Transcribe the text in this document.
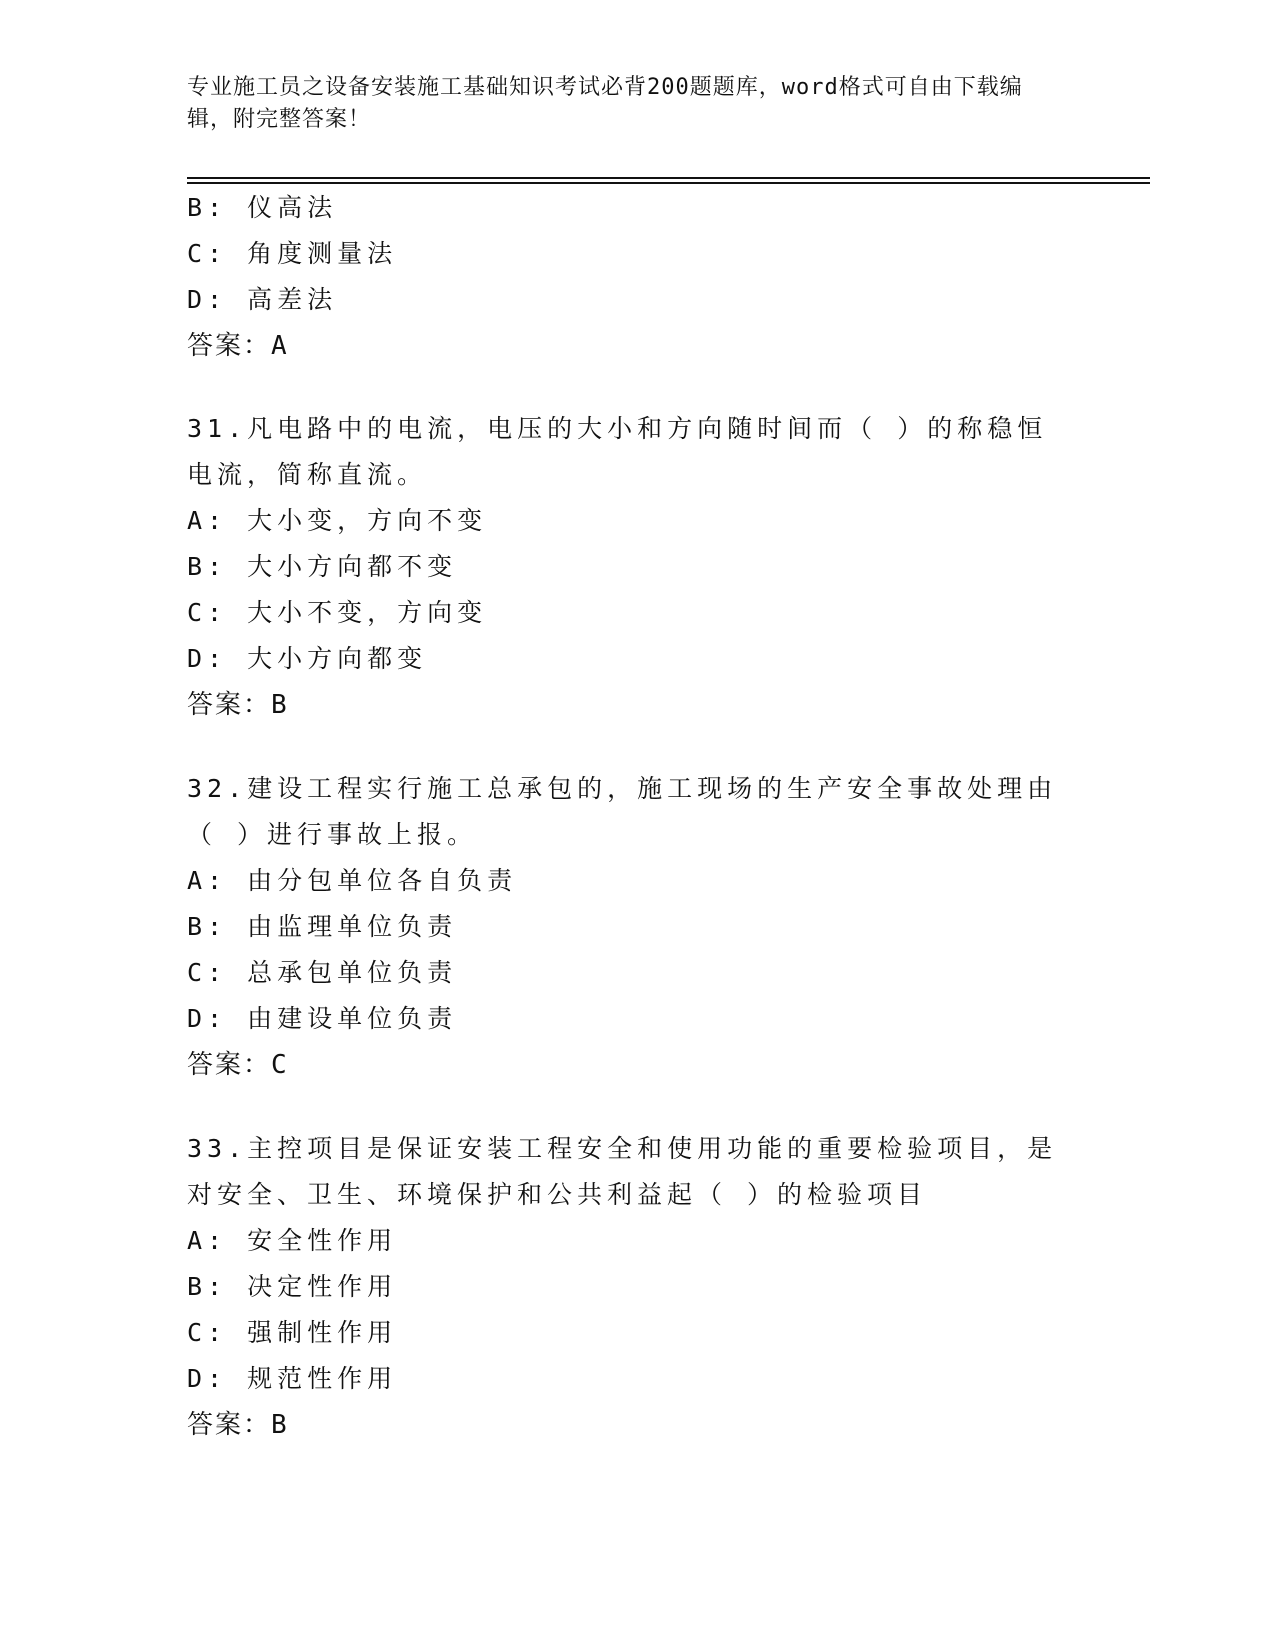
专业施工员之设备安装施工基础知识考试必背200题题库，word格式可自由下载编辑，附完整答案！
B: 仪高法
C: 角度测量法
D: 高差法
答案：A
31.凡电路中的电流，电压的大小和方向随时间而（ ）的称稳恒电流，简称直流。
A: 大小变，方向不变
B: 大小方向都不变
C: 大小不变，方向变
D: 大小方向都变
答案：B
32.建设工程实行施工总承包的，施工现场的生产安全事故处理由（ ）进行事故上报。
A: 由分包单位各自负责
B: 由监理单位负责
C: 总承包单位负责
D: 由建设单位负责
答案：C
33.主控项目是保证安装工程安全和使用功能的重要检验项目，是对安全、卫生、环境保护和公共利益起（ ）的检验项目
A: 安全性作用
B: 决定性作用
C: 强制性作用
D: 规范性作用
答案：B
